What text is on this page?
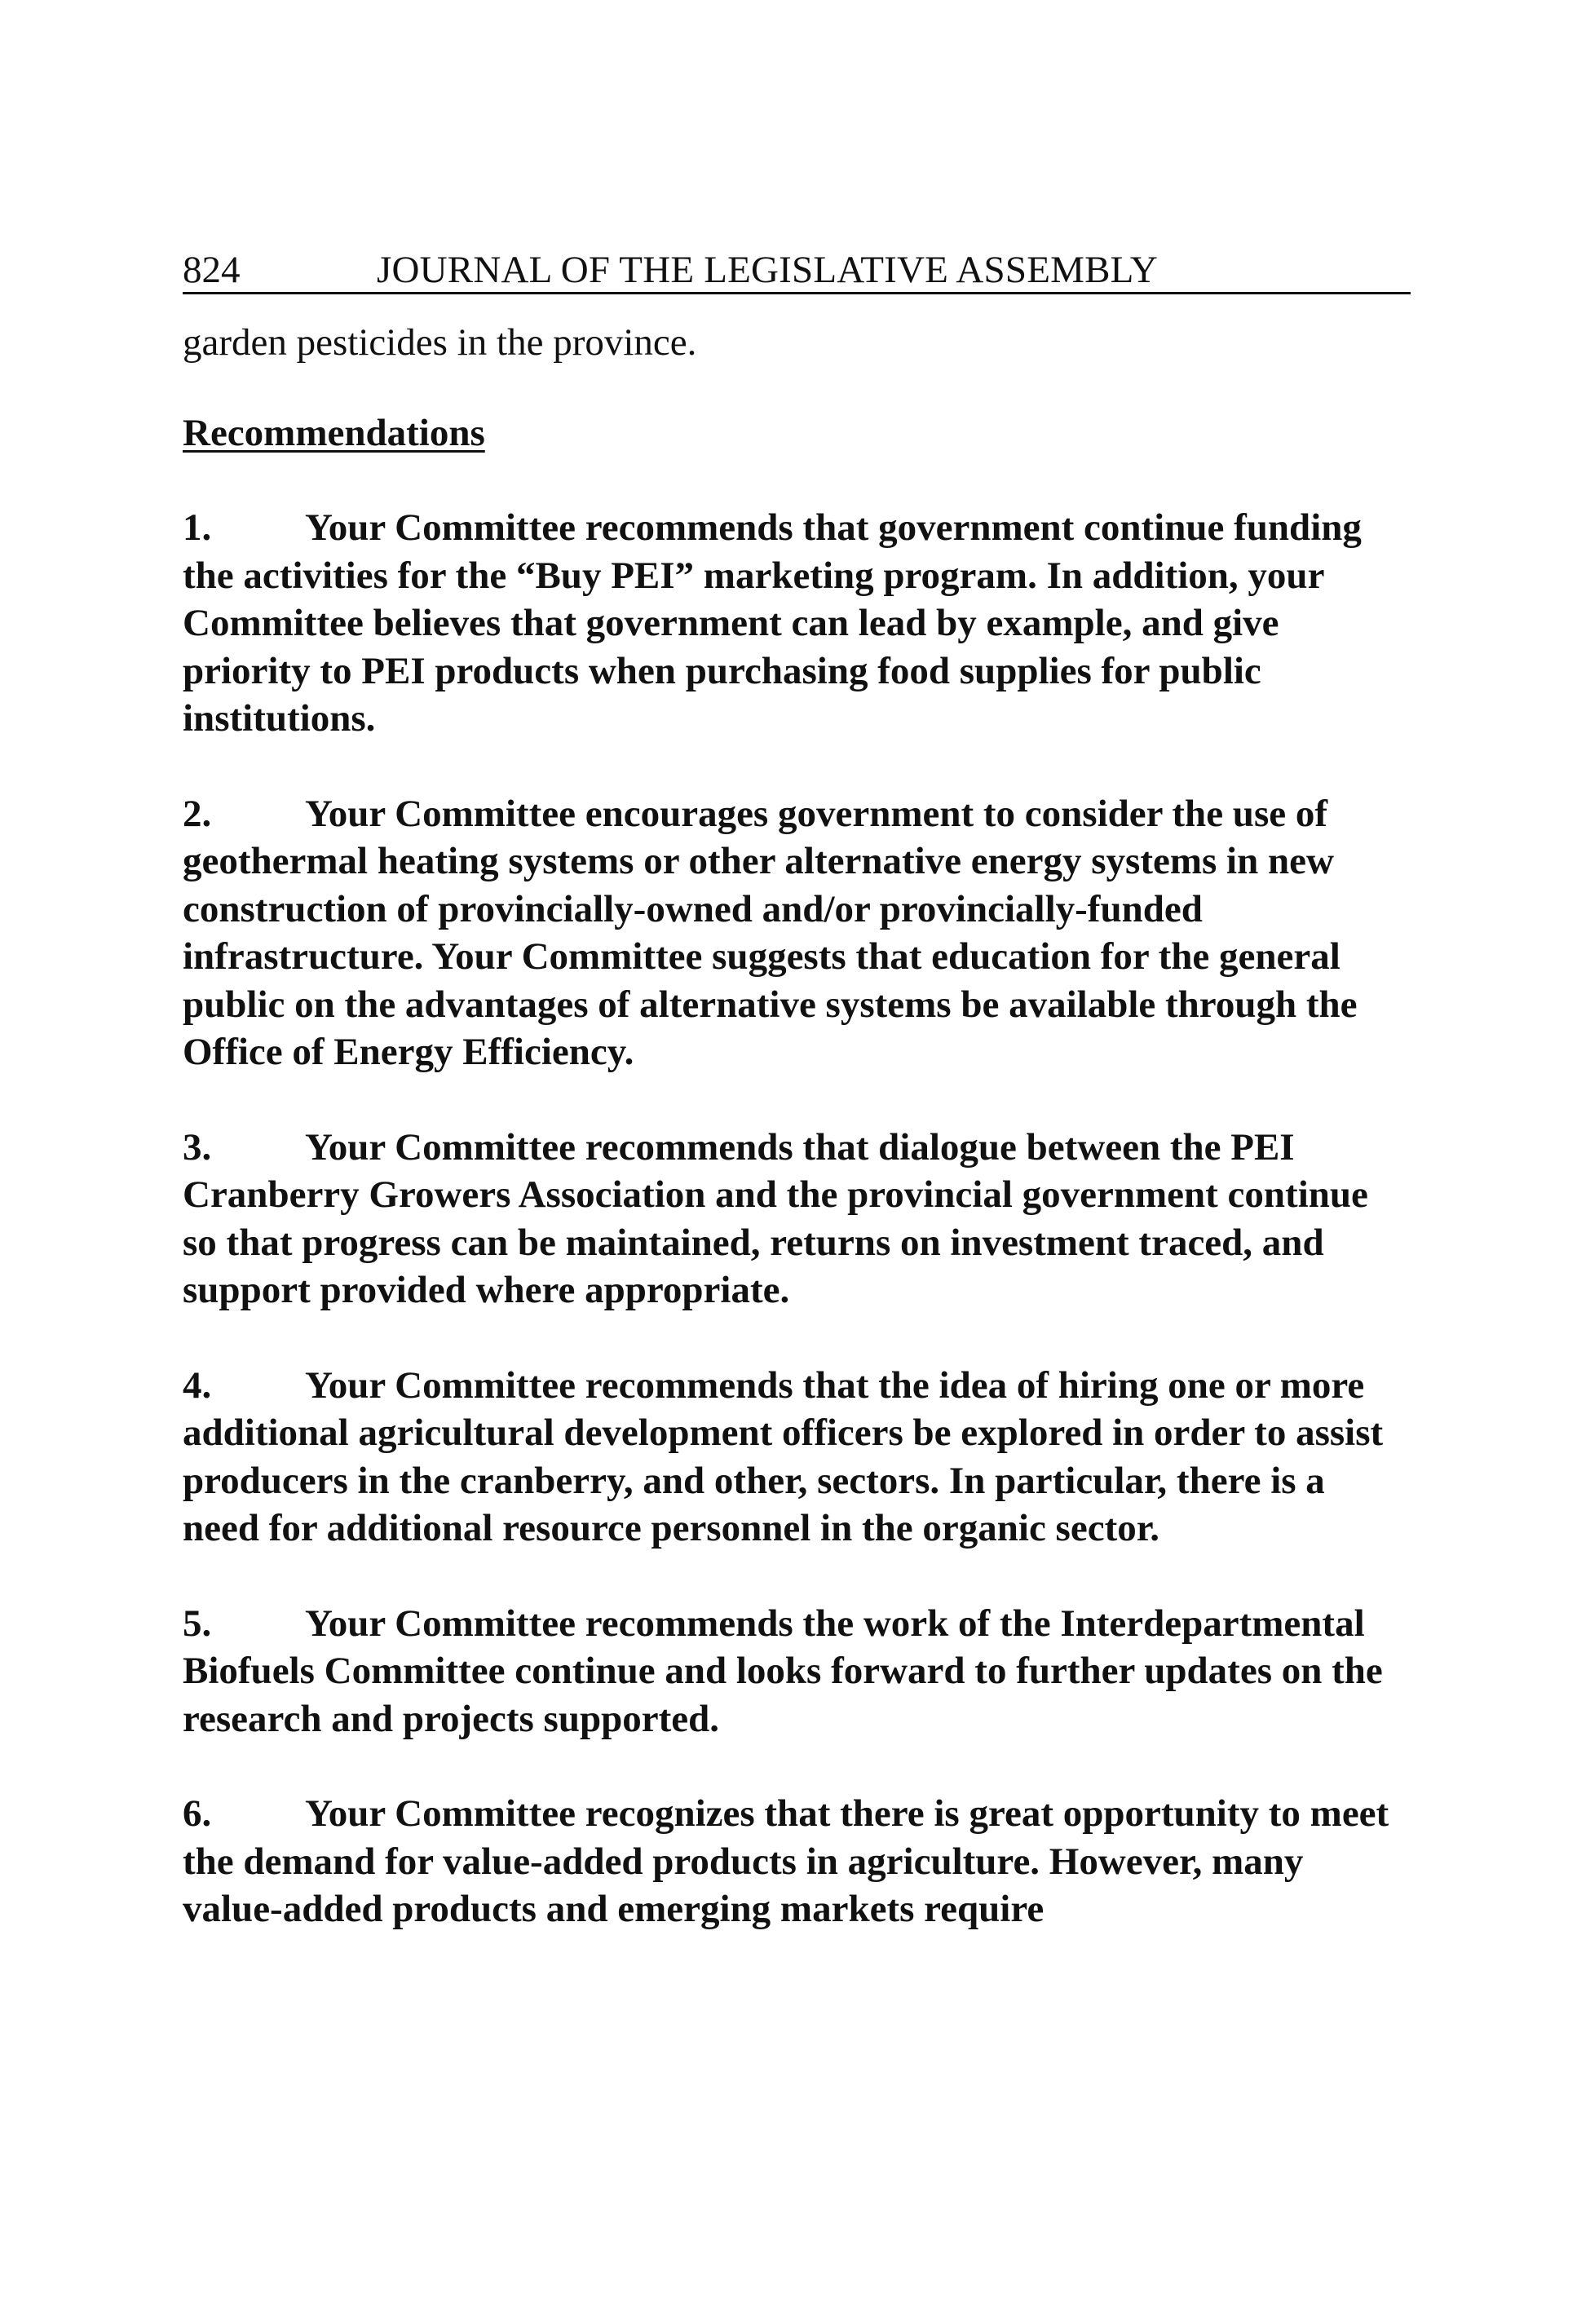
824	JOURNAL OF THE LEGISLATIVE ASSEMBLY
garden pesticides in the province.
Recommendations
1. Your Committee recommends that government continue funding the activities for the “Buy PEI” marketing program. In addition, your Committee believes that government can lead by example, and give priority to PEI products when purchasing food supplies for public institutions.
2. Your Committee encourages government to consider the use of geothermal heating systems or other alternative energy systems in new construction of provincially-owned and/or provincially-funded infrastructure. Your Committee suggests that education for the general public on the advantages of alternative systems be available through the Office of Energy Efficiency.
3. Your Committee recommends that dialogue between the PEI Cranberry Growers Association and the provincial government continue so that progress can be maintained, returns on investment traced, and support provided where appropriate.
4. Your Committee recommends that the idea of hiring one or more additional agricultural development officers be explored in order to assist producers in the cranberry, and other, sectors. In particular, there is a need for additional resource personnel in the organic sector.
5. Your Committee recommends the work of the Interdepartmental Biofuels Committee continue and looks forward to further updates on the research and projects supported.
6. Your Committee recognizes that there is great opportunity to meet the demand for value-added products in agriculture. However, many value-added products and emerging markets require
